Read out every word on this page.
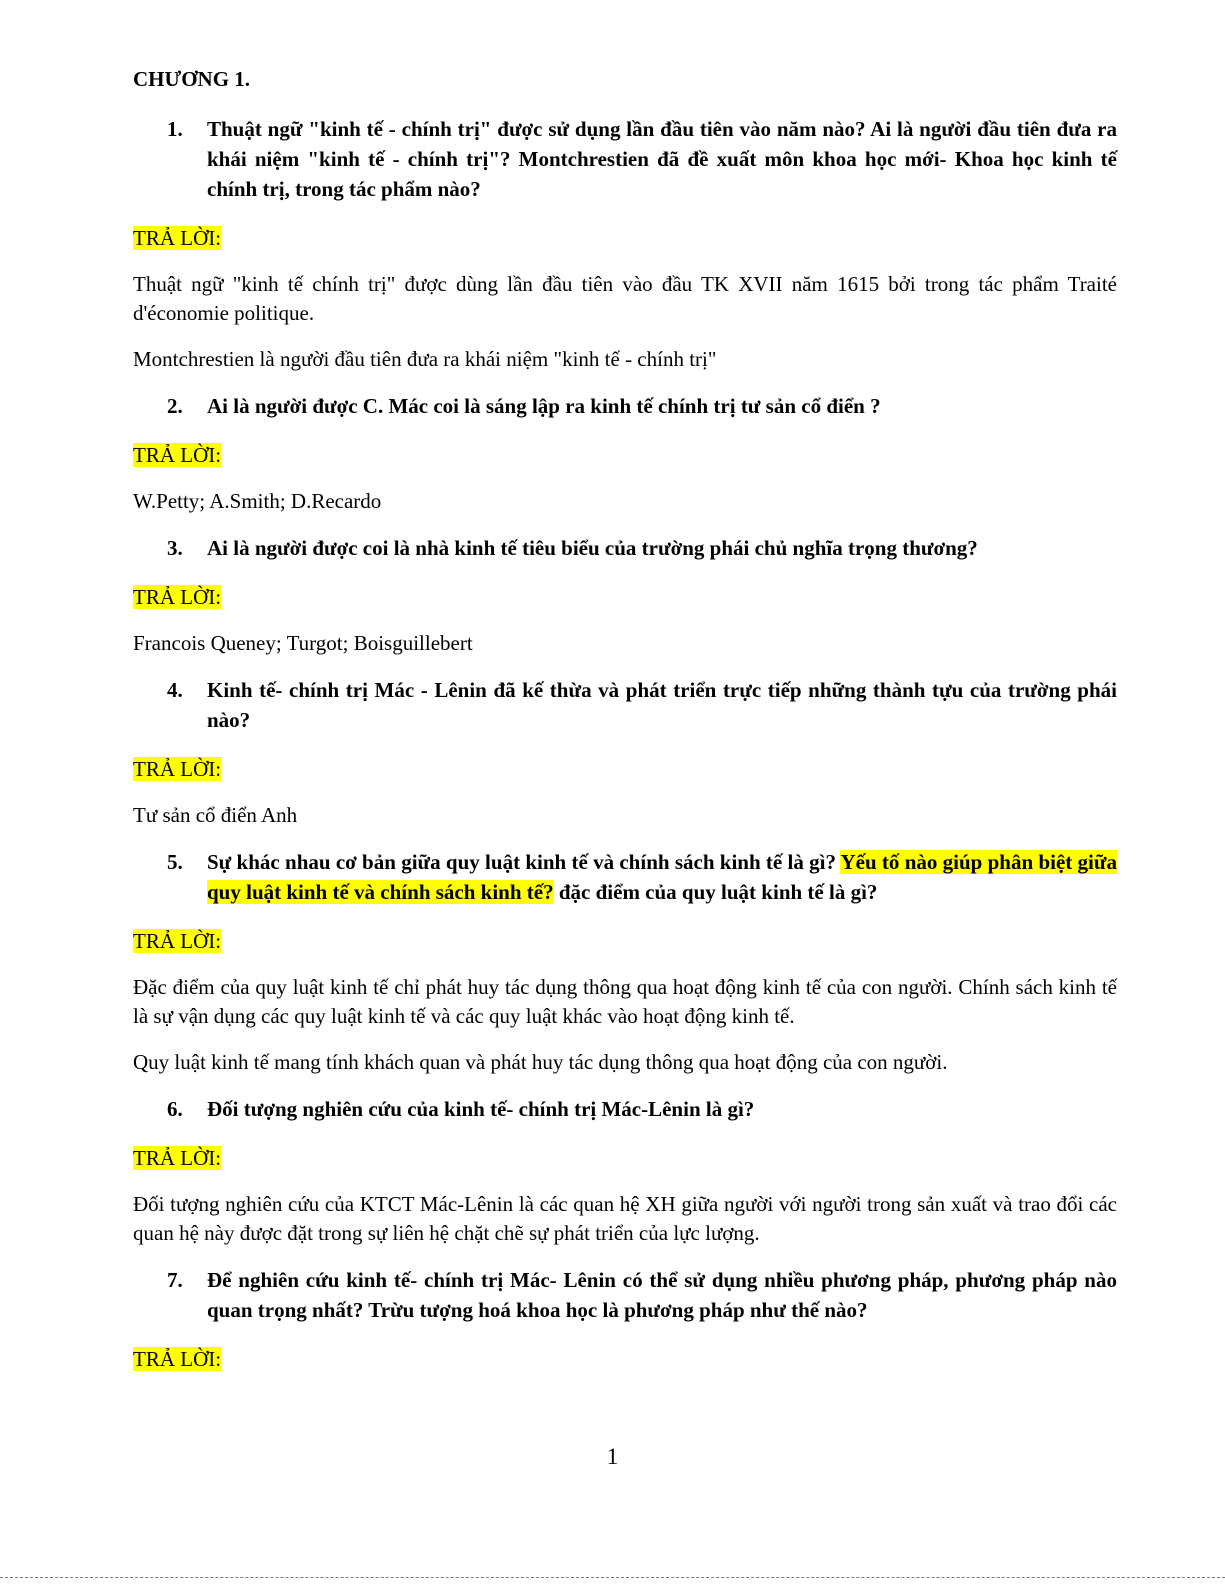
CHƯƠNG 1.
1.	Thuật ngữ "kinh tế - chính trị" được sử dụng lần đầu tiên vào năm nào? Ai là người đầu tiên đưa ra khái niệm "kinh tế - chính trị"? Montchrestien đã đề xuất môn khoa học mới- Khoa học kinh tế chính trị, trong tác phẩm nào?
TRẢ LỜI:
Thuật ngữ "kinh tế chính trị" được dùng lần đầu tiên vào đầu TK XVII năm 1615 bởi trong tác phẩm Traité d'économie politique.
Montchrestien là người đầu tiên đưa ra khái niệm "kinh tế - chính trị"
2.	Ai là người được C. Mác coi là sáng lập ra kinh tế chính trị tư sản cổ điển ?
TRẢ LỜI:
W.Petty; A.Smith; D.Recardo
3.	Ai là người được coi là nhà kinh tế tiêu biểu của trường phái chủ nghĩa trọng thương?
TRẢ LỜI:
Francois Queney; Turgot; Boisguillebert
4.	Kinh tế- chính trị Mác - Lênin đã kế thừa và phát triển trực tiếp những thành tựu của trường phái nào?
TRẢ LỜI:
Tư sản cổ điển Anh
5.	Sự khác nhau cơ bản giữa quy luật kinh tế và chính sách kinh tế là gì? Yếu tố nào giúp phân biệt giữa quy luật kinh tế và chính sách kinh tế? đặc điểm của quy luật kinh tế là gì?
TRẢ LỜI:
Đặc điểm của quy luật kinh tế chỉ phát huy tác dụng thông qua hoạt động kinh tế của con người. Chính sách kinh tế là sự vận dụng các quy luật kinh tế và các quy luật khác vào hoạt động kinh tế.
Quy luật kinh tế mang tính khách quan và phát huy tác dụng thông qua hoạt động của con người.
6.	Đối tượng nghiên cứu của kinh tế- chính trị Mác-Lênin là gì?
TRẢ LỜI:
Đối tượng nghiên cứu của KTCT Mác-Lênin là các quan hệ XH giữa người với người trong sản xuất và trao đổi các quan hệ này được đặt trong sự liên hệ chặt chẽ sự phát triển của lực lượng.
7.	Để nghiên cứu kinh tế- chính trị Mác- Lênin có thể sử dụng nhiều phương pháp, phương pháp nào quan trọng nhất? Trừu tượng hoá khoa học là phương pháp như thế nào?
TRẢ LỜI:
1
